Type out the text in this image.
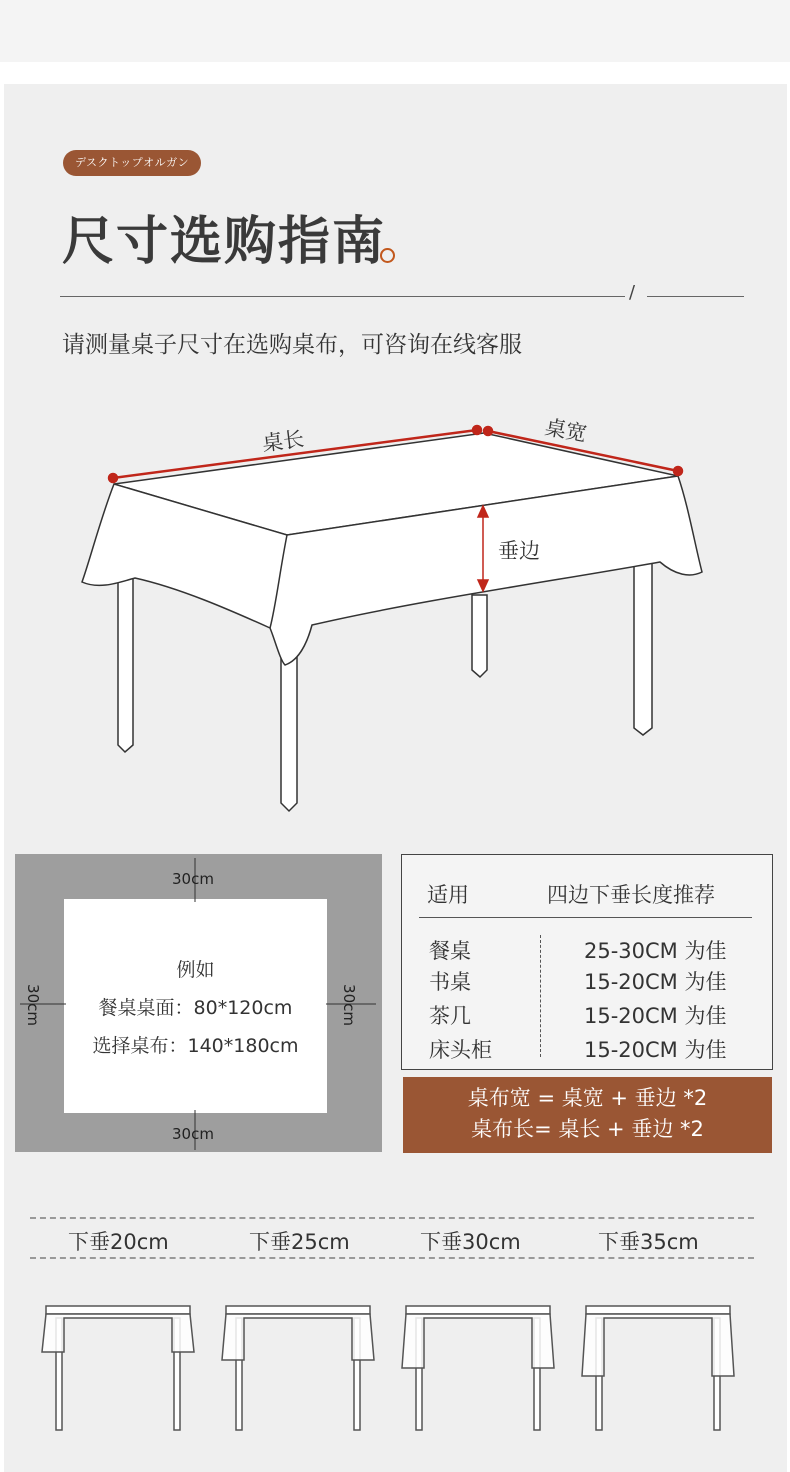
デスクトップオルガン
尺寸选购指南
/
请测量桌子尺寸在选购桌布，可咨询在线客服
桌长	桌宽
垂边
30cm
30cm
30cm	30cm
例如
餐桌桌面：80*120cm
选择桌布：140*180cm
适用	四边下垂长度推荐
餐桌	25-30CM 为佳
书桌	15-20CM 为佳
茶几	15-20CM 为佳
床头柜	15-20CM 为佳
桌布宽 = 桌宽 + 垂边 *2
桌布长= 桌长 + 垂边 *2
下垂20cm	下垂25cm	下垂30cm	下垂35cm
